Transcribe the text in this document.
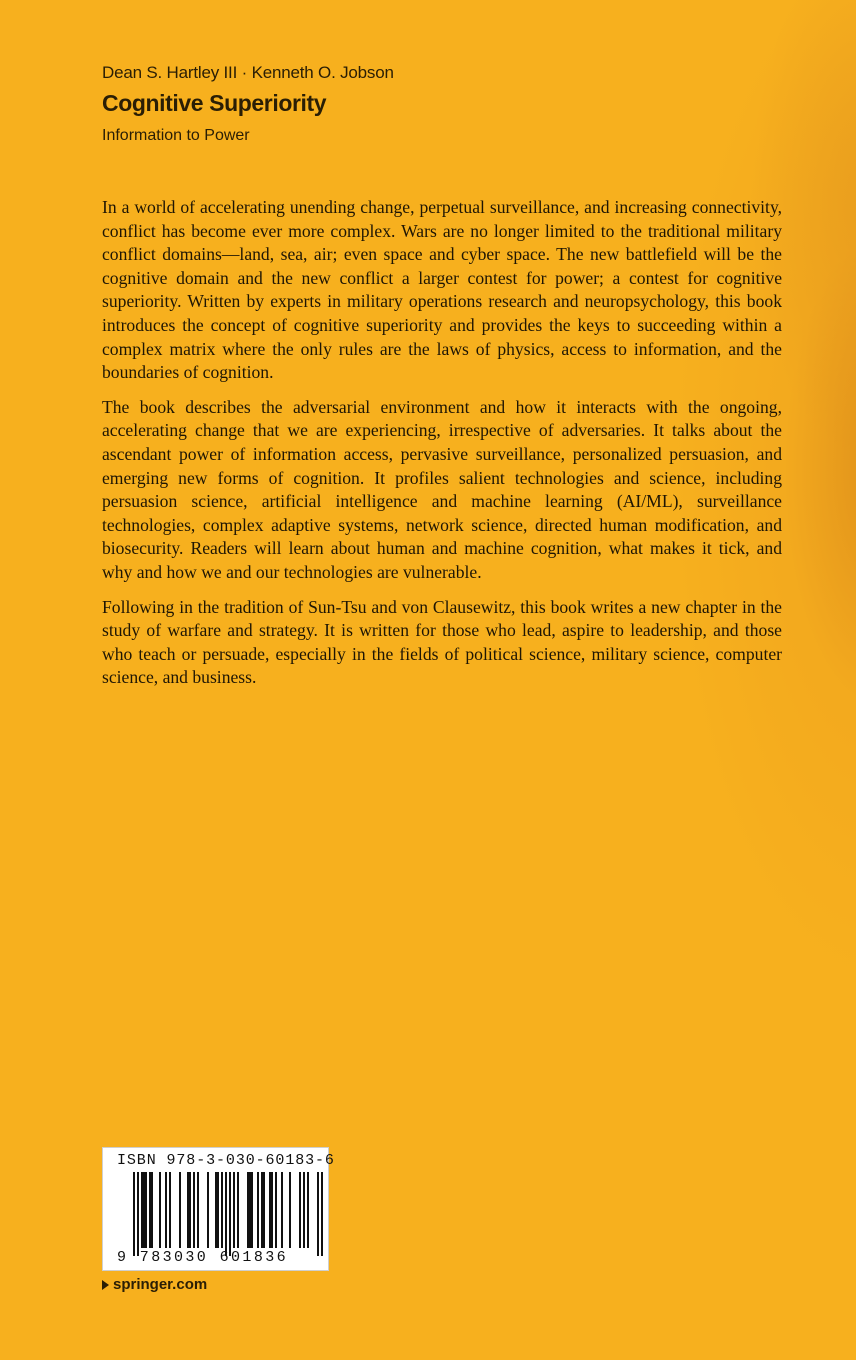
Dean S. Hartley III · Kenneth O. Jobson
Cognitive Superiority
Information to Power

In a world of accelerating unending change, perpetual surveillance, and increasing connectivity, conflict has become ever more complex. Wars are no longer limited to the traditional military conflict domains—land, sea, air; even space and cyber space. The new battlefield will be the cognitive domain and the new conflict a larger contest for power; a contest for cognitive superiority. Written by experts in military operations research and neuropsychology, this book introduces the concept of cognitive superiority and provides the keys to succeeding within a complex matrix where the only rules are the laws of physics, access to information, and the boundaries of cognition.

The book describes the adversarial environment and how it interacts with the ongoing, accelerating change that we are experiencing, irrespective of adversaries. It talks about the ascendant power of information access, pervasive surveillance, personalized persuasion, and emerging new forms of cognition. It profiles salient technologies and science, including persuasion science, artificial intelligence and machine learning (AI/ML), surveillance technologies, complex adaptive systems, network science, directed human modification, and biosecurity. Readers will learn about human and machine cognition, what makes it tick, and why and how we and our technologies are vulnerable.

Following in the tradition of Sun-Tsu and von Clausewitz, this book writes a new chapter in the study of warfare and strategy. It is written for those who lead, aspire to leadership, and those who teach or persuade, especially in the fields of political science, military science, computer science, and business.

ISBN 978-3-030-60183-6
9 783030 601836
springer.com
